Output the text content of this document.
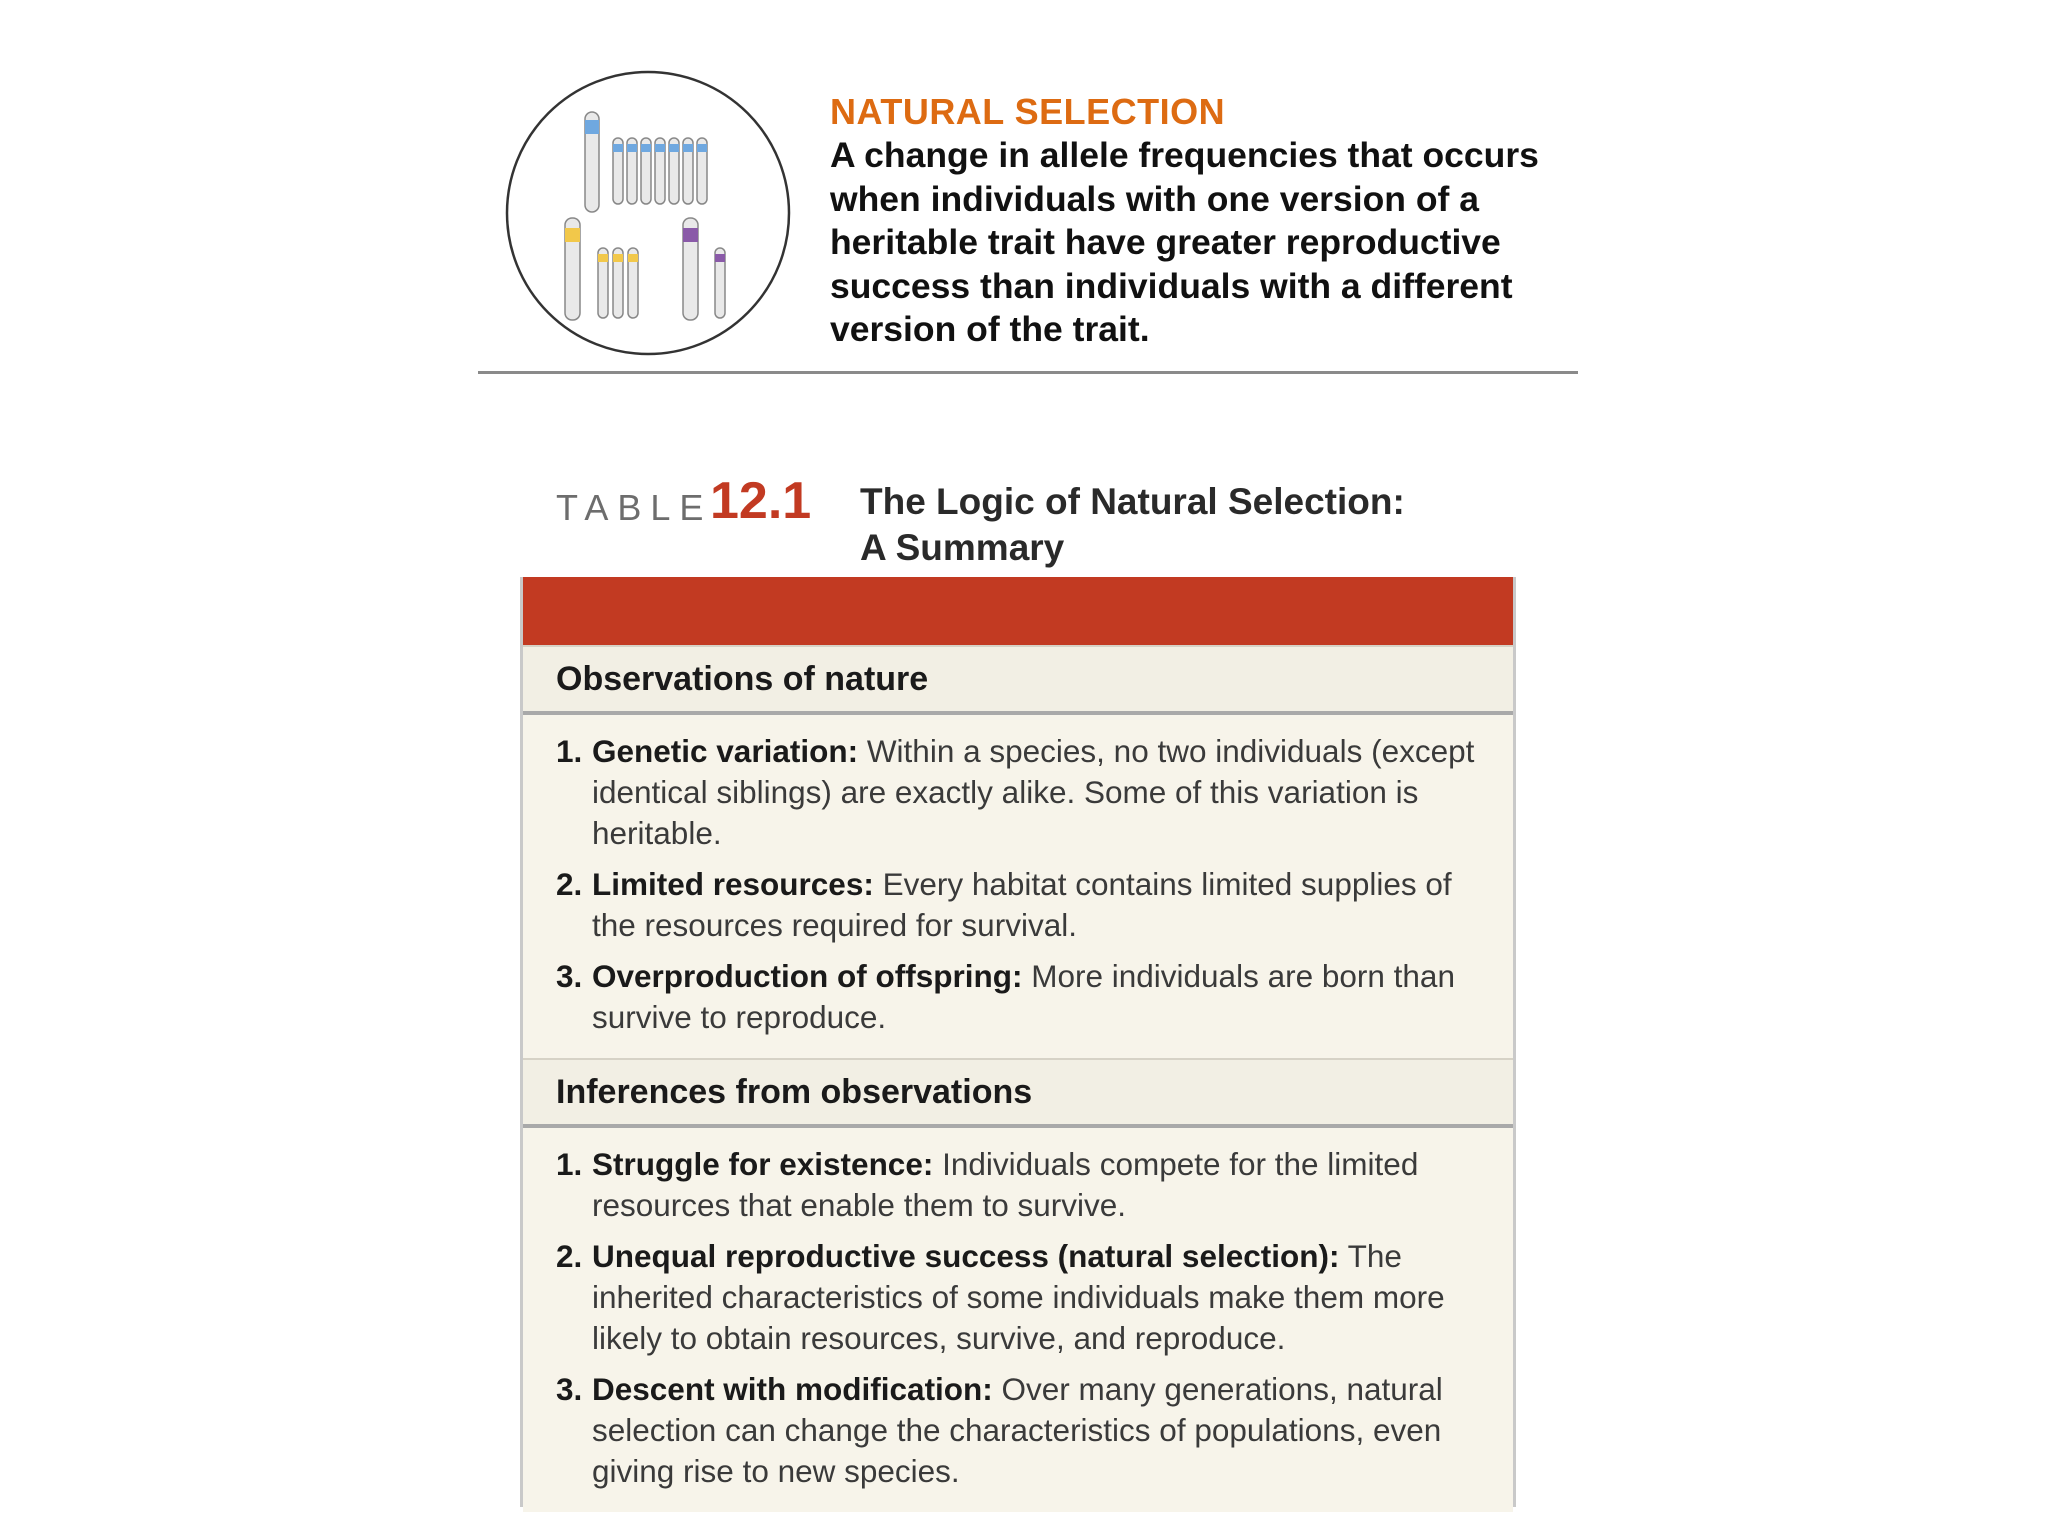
NATURAL SELECTION

A change in allele frequencies that occurs when individuals with one version of a heritable trait have greater reproductive success than individuals with a different version of the trait.

TABLE
12.1 The Logic of Natural Selection:
A Summary
Observations of nature
1. Genetic variation: Within a species, no two individuals (except identical siblings) are exactly alike. Some of this variation is heritable.
2. Limited resources: Every habitat contains limited supplies of the resources required for survival.
3. Overproduction of offspring: More individuals are born than survive to reproduce.
Inferences from observations
1. Struggle for existence: Individuals compete for the limited resources that enable them to survive.
2. Unequal reproductive success (natural selection): The inherited characteristics of some individuals make them more likely to obtain resources, survive, and reproduce.
3. Descent with modification: Over many generations, natural selection can change the characteristics of populations, even giving rise to new species.
